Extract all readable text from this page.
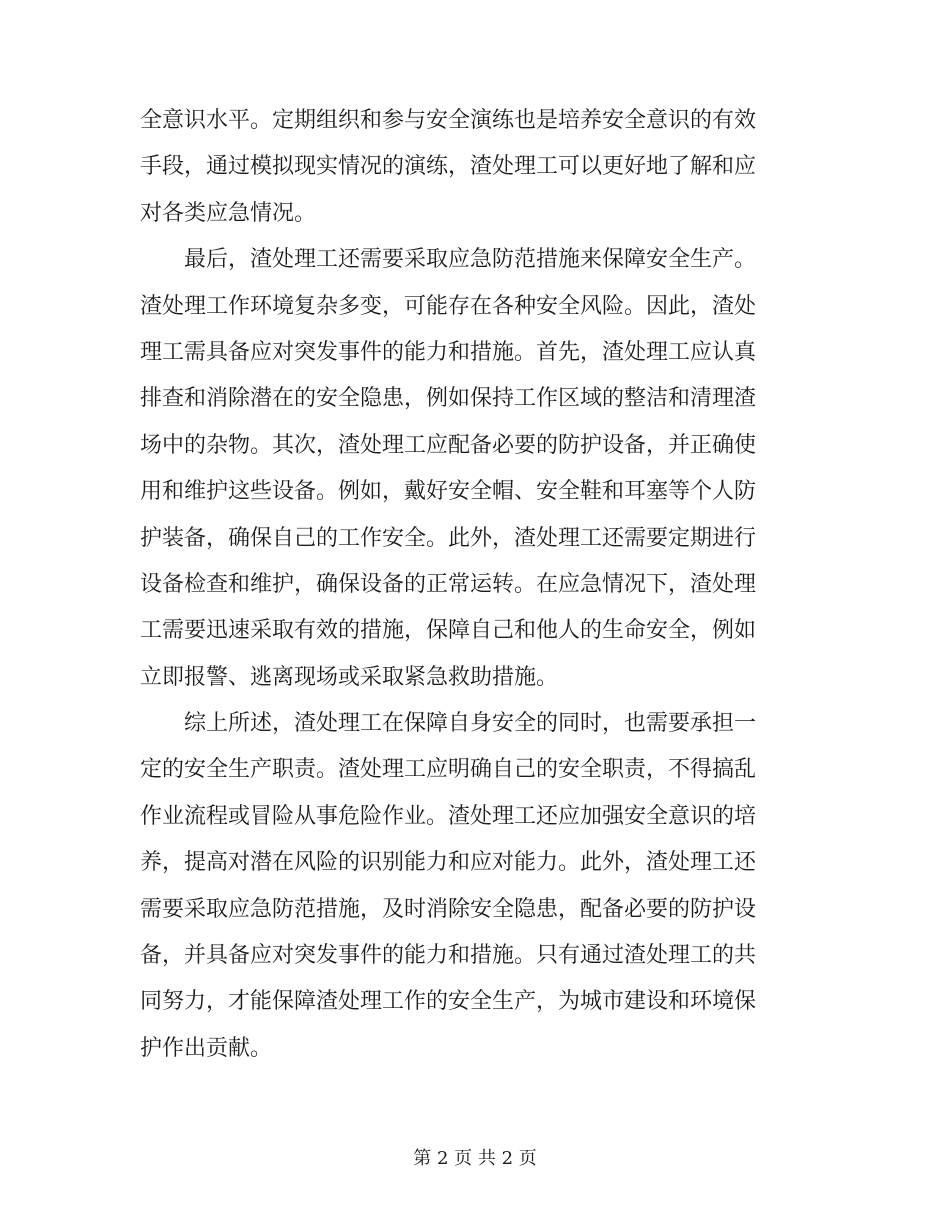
全意识水平。定期组织和参与安全演练也是培养安全意识的有效
手段，通过模拟现实情况的演练，渣处理工可以更好地了解和应
对各类应急情况。
　　最后，渣处理工还需要采取应急防范措施来保障安全生产。
渣处理工作环境复杂多变，可能存在各种安全风险。因此，渣处
理工需具备应对突发事件的能力和措施。首先，渣处理工应认真
排查和消除潜在的安全隐患，例如保持工作区域的整洁和清理渣
场中的杂物。其次，渣处理工应配备必要的防护设备，并正确使
用和维护这些设备。例如，戴好安全帽、安全鞋和耳塞等个人防
护装备，确保自己的工作安全。此外，渣处理工还需要定期进行
设备检查和维护，确保设备的正常运转。在应急情况下，渣处理
工需要迅速采取有效的措施，保障自己和他人的生命安全，例如
立即报警、逃离现场或采取紧急救助措施。
　　综上所述，渣处理工在保障自身安全的同时，也需要承担一
定的安全生产职责。渣处理工应明确自己的安全职责，不得搞乱
作业流程或冒险从事危险作业。渣处理工还应加强安全意识的培
养，提高对潜在风险的识别能力和应对能力。此外，渣处理工还
需要采取应急防范措施，及时消除安全隐患，配备必要的防护设
备，并具备应对突发事件的能力和措施。只有通过渣处理工的共
同努力，才能保障渣处理工作的安全生产，为城市建设和环境保
护作出贡献。
第 2 页 共 2 页
